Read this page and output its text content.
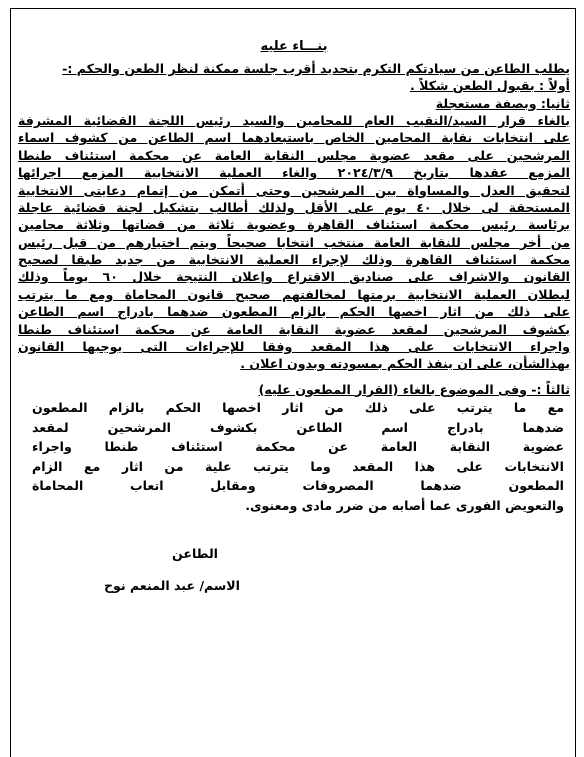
بنـــاء عليه

يطلب الطاعن من سيادتكم التكرم بتحديد أقرب جلسة ممكنة لنظر الطعن والحكم :-

أولاً : بقبول الطعن شكلاً .

ثانيا: وبصفة مستعجلة

بالغاء قرار السيد/النقيب العام للمحامين والسيد رئيس اللجنة القضائية المشرفة
على انتخابات نقابة المحامين الخاص باستبعادهما اسم الطاعن من كشوف اسماء
المرشحين على مقعد عضوية مجلس النقابة العامة عن محكمة استئناف طنطا
المزمع عقدها بتاريخ ٢٠٢٤/٣/٩ والغاء العملية الانتخابية المزمع اجرائها
لتحقيق العدل والمساواة بين المرشحين وحتى أتمكن من إتمام دعايتى الانتخابية
المستحقة لى خلال ٤٠ يوم على الأقل ولذلك أطالب بتشكيل لجنة قضائية عاجلة
برئاسة رئيس محكمة استئناف القاهرة وعضوية ثلاثة من قضاتها وثلاثة محامين
من أخر مجلس للنقابة العامة منتخب انتخابا صحيحاً ويتم اختيارهم من قبل رئيس
محكمة استئناف القاهرة وذلك لإجراء العملية الانتخابية من جديد طبقا لصحيح
القانون والاشراف على صناديق الاقتراع وإعلان النتيجة خلال ٦٠ يوماً وذلك
لبطلان العملية الانتخابية برمتها لمخالفتهم صحيح قانون المحاماة ومع ما يترتب
على ذلك من اثار اخصها الحكم بالزام المطعون ضدهما بادراج اسم الطاعن
بكشوف المرشحين لمقعد عضوية النقابة العامة عن محكمة استئناف طنطا
واجراء الانتخابات على هذا المقعد وفقا للإجراءات التى يوجبها القانون
بهذالشأن، على ان ينفذ الحكم بمسودته وبدون اعلان .

ثالثاً :- وفى الموضوع بالغاء (القرار المطعون عليه)

مع ما يترتب على ذلك من اثار اخصها الحكم بالزام المطعون
ضدهما بادراج اسم الطاعن بكشوف المرشحين لمقعد
عضوية النقابة العامة عن محكمة استئناف طنطا واجراء
الانتخابات على هذا المقعد وما يترتب علية من اثار مع الزام
المطعون ضدهما المصروفات ومقابل اتعاب المحاماة
والتعويض الفورى عما أصابه من ضرر مادى ومعنوى.
الطاعن
الاسم/ عبد المنعم نوح
